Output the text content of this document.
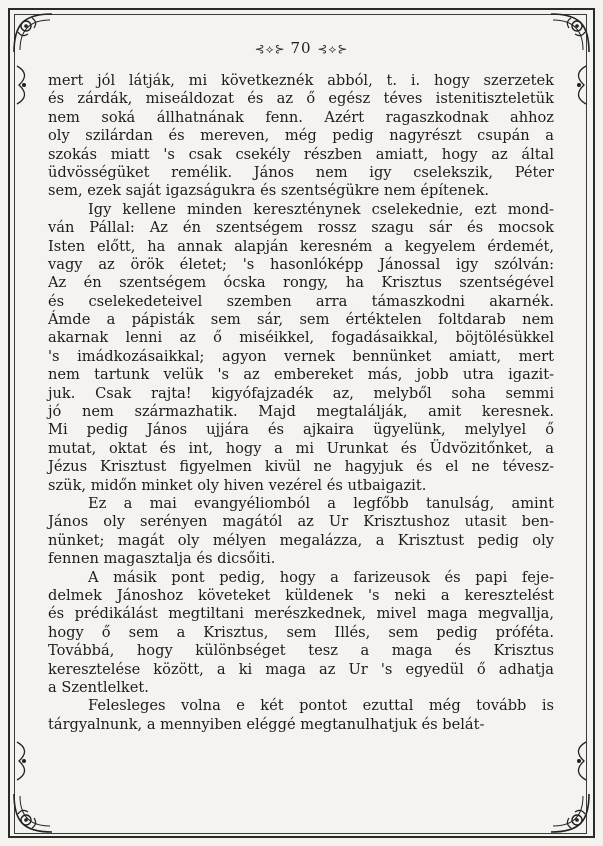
⊰⟡⊱ 70 ⊰⟡⊱
mert jól látják, mi következnék abból, t. i. hogy szerzetek
és zárdák, miseáldozat és az ő egész téves istenitiszteletük
nem soká állhatnának fenn. Azért ragaszkodnak ahhoz
oly szilárdan és mereven, még pedig nagyrészt csupán a
szokás miatt 's csak csekély részben amiatt, hogy az által
üdvösségüket remélik. János nem igy cselekszik, Péter
sem, ezek saját igazságukra és szentségükre nem építenek.
Igy kellene minden kereszténynek cselekednie, ezt mond-
ván Pállal: Az én szentségem rossz szagu sár és mocsok
Isten előtt, ha annak alapján keresném a kegyelem érdemét,
vagy az örök életet; 's hasonlóképp Jánossal igy szólván:
Az én szentségem ócska rongy, ha Krisztus szentségével
és cselekedeteivel szemben arra támaszkodni akarnék.
Ámde a pápisták sem sár, sem értéktelen foltdarab nem
akarnak lenni az ő miséikkel, fogadásaikkal, böjtölésükkel
's imádkozásaikkal; agyon vernek bennünket amiatt, mert
nem tartunk velük 's az embereket más, jobb utra igazit-
juk. Csak rajta! kigyófajzadék az, melyből soha semmi
jó nem származhatik. Majd megtalálják, amit keresnek.
Mi pedig János ujjára és ajkaira ügyelünk, melylyel ő
mutat, oktat és int, hogy a mi Urunkat és Üdvözitőnket, a
Jézus Krisztust figyelmen kivül ne hagyjuk és el ne tévesz-
szük, midőn minket oly hiven vezérel és utbaigazit.
Ez a mai evangyéliomból a legfőbb tanulság, amint
János oly serényen magától az Ur Krisztushoz utasit ben-
nünket; magát oly mélyen megalázza, a Krisztust pedig oly
fennen magasztalja és dicsőiti.
A másik pont pedig, hogy a farizeusok és papi feje-
delmek Jánoshoz követeket küldenek 's neki a keresztelést
és prédikálást megtiltani merészkednek, mivel maga megvallja,
hogy ő sem a Krisztus, sem Illés, sem pedig próféta.
Továbbá, hogy különbséget tesz a maga és Krisztus
keresztelése között, a ki maga az Ur 's egyedül ő adhatja
a Szentlelket.
Felesleges volna e két pontot ezuttal még tovább is
tárgyalnunk, a mennyiben eléggé megtanulhatjuk és belát-
